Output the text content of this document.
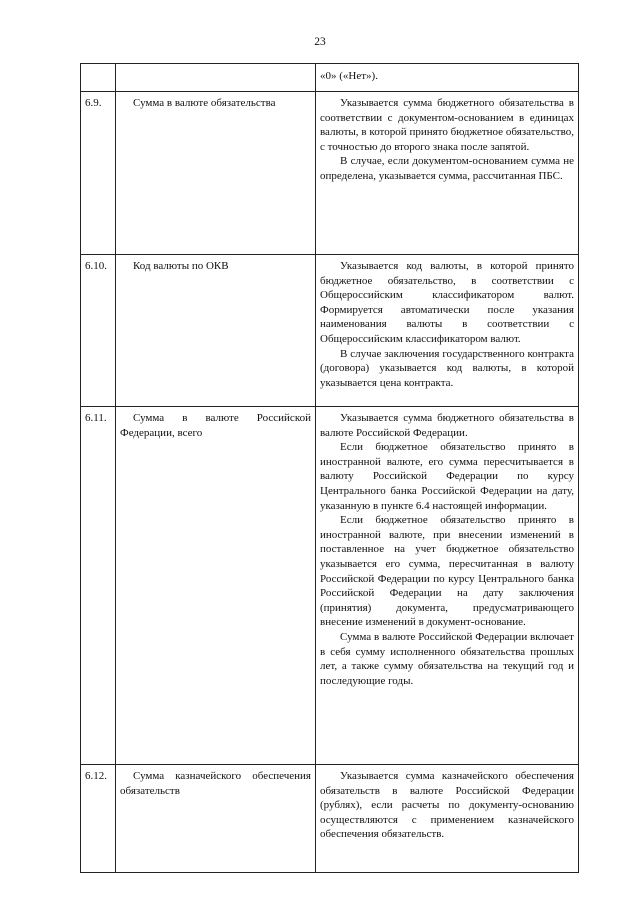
23

		«0» («Нет»).

6.9.	Сумма в валюте обязательства	Указывается сумма бюджетного обязательства в соответствии с документом-основанием в единицах валюты, в которой принято бюджетное обязательство, с точностью до второго знака после запятой.

В случае, если документом-основанием сумма не определена, указывается сумма, рассчитанная ПБС.

6.10.	Код валюты по ОКВ	Указывается код валюты, в которой принято бюджетное обязательство, в соответствии с Общероссийским классификатором валют. Формируется автоматически после указания наименования валюты в соответствии с Общероссийским классификатором валют.

В случае заключения государственного контракта (договора) указывается код валюты, в которой указывается цена контракта.

6.11.	Сумма в валюте Российской Федерации, всего	Указывается сумма бюджетного обязательства в валюте Российской Федерации.

Если бюджетное обязательство принято в иностранной валюте, его сумма пересчитывается в валюту Российской Федерации по курсу Центрального банка Российской Федерации на дату, указанную в пункте 6.4 настоящей информации.

Если бюджетное обязательство принято в иностранной валюте, при внесении изменений в поставленное на учет бюджетное обязательство указывается его сумма, пересчитанная в валюту Российской Федерации по курсу Центрального банка Российской Федерации на дату заключения (принятия) документа, предусматривающего внесение изменений в документ-основание.

Сумма в валюте Российской Федерации включает в себя сумму исполненного обязательства прошлых лет, а также сумму обязательства на текущий год и последующие годы.

6.12.	Сумма казначейского обеспечения обязательств	Указывается сумма казначейского обеспечения обязательств в валюте Российской Федерации (рублях), если расчеты по документу-основанию осуществляются с применением казначейского обеспечения обязательств.
